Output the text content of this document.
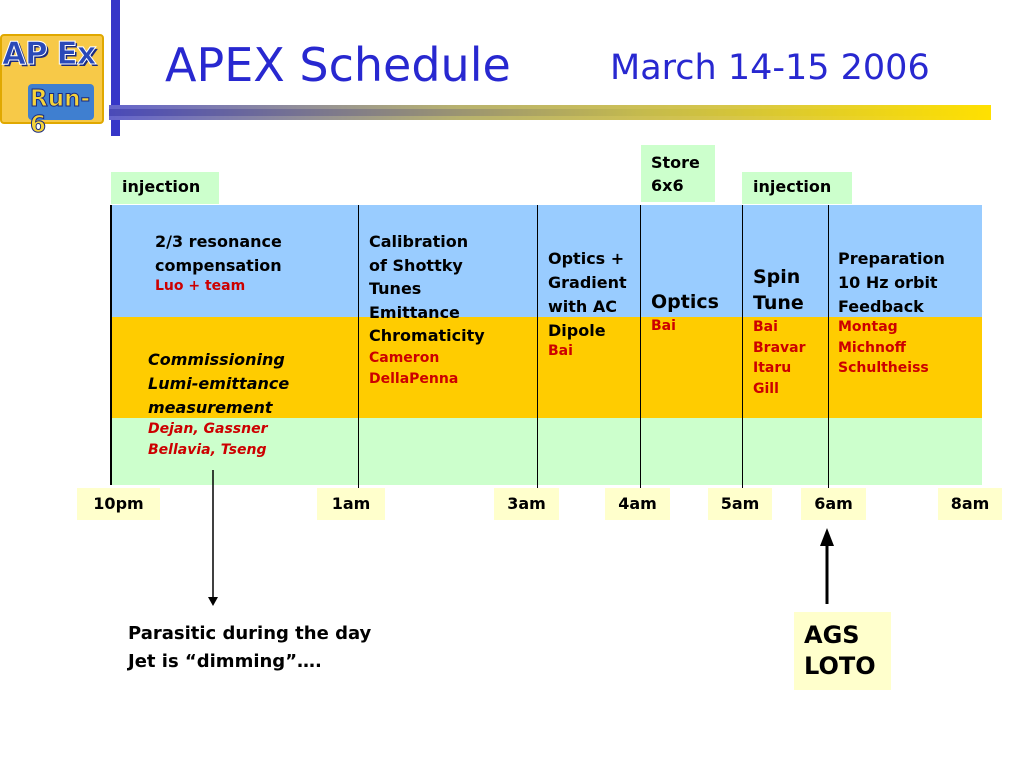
AP Ex
Run-6
APEX Schedule	March 14-15 2006
injection
Store
6x6	injection
2/3 resonance
compensation
Luo + team
Commissioning
Lumi-emittance
measurement
Dejan, Gassner
Bellavia, Tseng
Calibration
of Shottky
Tunes
Emittance
Chromaticity
Cameron
DellaPenna
Optics +
Gradient
with AC
Dipole
Bai
Optics
Bai
Spin
Tune
Bai
Bravar
Itaru
Gill
Preparation
10 Hz orbit
Feedback
Montag
Michnoff
Schultheiss
10pm	1am	3am	4am	5am	6am	8am
Parasitic during the day
Jet is “dimming”….
AGS
LOTO
